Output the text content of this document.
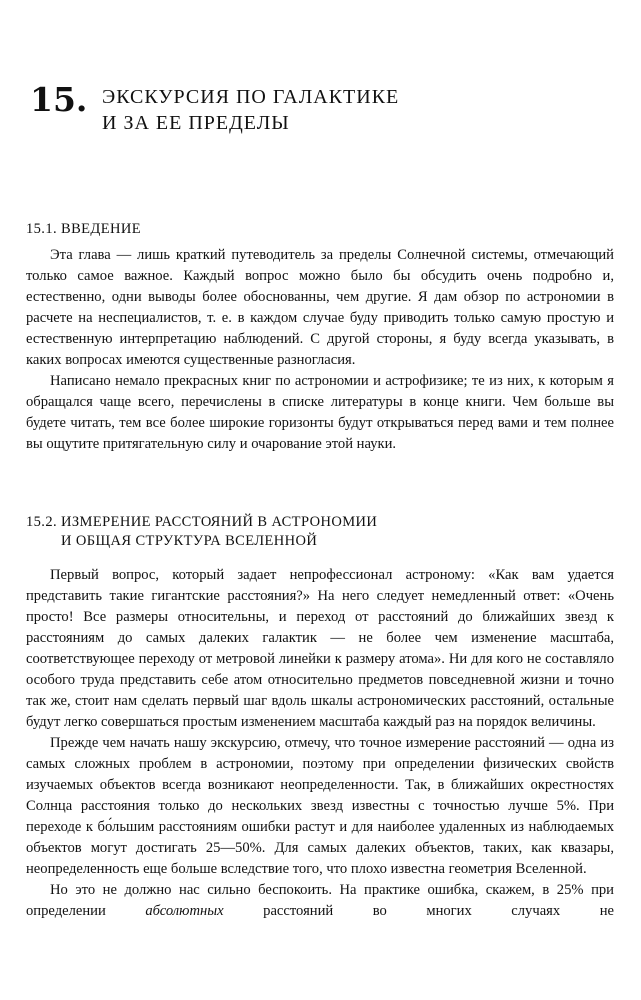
15. ЭКСКУРСИЯ ПО ГАЛАКТИКЕ
И ЗА ЕЕ ПРЕДЕЛЫ
15.1. ВВЕДЕНИЕ

Эта глава — лишь краткий путеводитель за пределы Солнечной системы, отмечающий только самое важное. Каждый вопрос можно было бы обсудить очень подробно и, естественно, одни выводы более обоснованны, чем другие. Я дам обзор по астрономии в расчете на неспециалистов, т. е. в каждом случае буду приводить только самую простую и естественную интерпретацию наблюдений. С другой стороны, я буду всегда указывать, в каких вопросах имеются существенные разногласия.

Написано немало прекрасных книг по астрономии и астрофизике; те из них, к которым я обращался чаще всего, перечислены в списке литературы в конце книги. Чем больше вы будете читать, тем все более широкие горизонты будут открываться перед вами и тем полнее вы ощутите притягательную силу и очарование этой науки.

15.2. ИЗМЕРЕНИЕ РАССТОЯНИЙ В АСТРОНОМИИ
И ОБЩАЯ СТРУКТУРА ВСЕЛЕННОЙ

Первый вопрос, который задает непрофессионал астроному: «Как вам удается представить такие гигантские расстояния?» На него следует немедленный ответ: «Очень просто! Все размеры относительны, и переход от расстояний до ближайших звезд к расстояниям до самых далеких галактик — не более чем изменение масштаба, соответствующее переходу от метровой линейки к размеру атома». Ни для кого не составляло особого труда представить себе атом относительно предметов повседневной жизни и точно так же, стоит нам сделать первый шаг вдоль шкалы астрономических расстояний, остальные будут легко совершаться простым изменением масштаба каждый раз на порядок величины.

Прежде чем начать нашу экскурсию, отмечу, что точное измерение расстояний — одна из самых сложных проблем в астрономии, поэтому при определении физических свойств изучаемых объектов всегда возникают неопределенности. Так, в ближайших окрестностях Солнца расстояния только до нескольких звезд известны с точностью лучше 5%. При переходе к бо́льшим расстояниям ошибки растут и для наиболее удаленных из наблюдаемых объектов могут достигать 25—50%. Для самых далеких объектов, таких, как квазары, неопределенность еще больше вследствие того, что плохо известна геометрия Вселенной.

Но это не должно нас сильно беспокоить. На практике ошибка, скажем, в 25% при определении	абсолютных	расстояний во многих случаях не
